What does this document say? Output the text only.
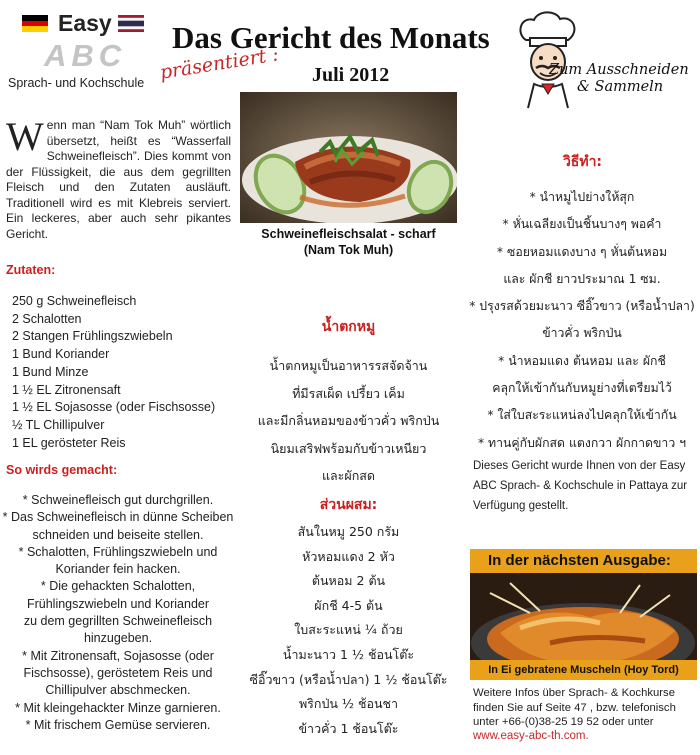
Easy
ABC
Sprach- und Kochschule
Das Gericht des Monats
präsentiert : Juli 2012	Zum Ausschneiden
& Sammeln
W enn man “Nam Tok Muh” wörtlich übersetzt, heißt es “Wasserfall Schweinefleisch”. Dies kommt von der Flüssigkeit, die aus dem gegrillten Fleisch und den Zutaten ausläuft. Traditionell wird es mit Klebreis serviert. Ein leckeres, aber auch sehr pikantes Gericht.
Zutaten:
250 g Schweinefleisch
2 Schalotten
2 Stangen Frühlingszwiebeln
1 Bund Koriander
1 Bund Minze
1 ½ EL Zitronensaft
1 ½ EL Sojasosse (oder Fischsosse)
½ TL Chillipulver
1 EL gerösteter Reis
So wirds gemacht:
* Schweinefleisch gut durchgrillen.
* Das Schweinefleisch in dünne Scheiben
schneiden und beiseite stellen.
* Schalotten, Frühlingszwiebeln und
Koriander fein hacken.
* Die gehackten Schalotten,
Frühlingszwiebeln und Koriander
zu dem gegrillten Schweinefleisch
hinzugeben.
* Mit Zitronensaft, Sojasosse (oder
Fischsosse), geröstetem Reis und
Chillipulver abschmecken.
* Mit kleingehackter Minze garnieren.
* Mit frischem Gemüse servieren.
Schweinefleischsalat - scharf
(Nam Tok Muh)
น้ำตกหมู
น้ำตกหมูเป็นอาหารรสจัดจ้าน
ที่มีรสเผ็ด เปรี้ยว เค็ม
และมีกลิ่นหอมของข้าวคั่ว พริกป่น
นิยมเสริฟพร้อมกับข้าวเหนียว
และผักสด
ส่วนผสม:
สันในหมู 250 กรัม
หัวหอมแดง 2 หัว
ต้นหอม 2 ต้น
ผักชี 4-5 ต้น
ใบสะระแหน่ ¼ ถ้วย
น้ำมะนาว 1 ½ ช้อนโต๊ะ
ซีอิ๊วขาว (หรือน้ำปลา) 1 ½ ช้อนโต๊ะ
พริกป่น ½ ช้อนชา
ข้าวคั่ว 1 ช้อนโต๊ะ
วิธีทำ:
* นำหมูไปย่างให้สุก
* หั่นเฉลียงเป็นชิ้นบางๆ พอคำ
* ซอยหอมแดงบาง ๆ หั่นต้นหอม
และ ผักชี ยาวประมาณ 1 ซม.
* ปรุงรสด้วยมะนาว ซีอิ๊วขาว (หรือน้ำปลา)
ข้าวคั่ว พริกป่น
* นำหอมแดง ต้นหอม และ ผักชี
คลุกให้เข้ากันกับหมูย่างที่เตรียมไว้
* ใส่ใบสะระแหน่ลงไปคลุกให้เข้ากัน
* ทานคู่กับผักสด แตงกวา ผักกาดขาว ฯ
Dieses Gericht wurde Ihnen von der Easy ABC Sprach- & Kochschule in Pattaya zur Verfügung gestellt.
In der nächsten Ausgabe:
In Ei gebratene Muscheln (Hoy Tord)
Weitere Infos über Sprach- & Kochkurse finden Sie auf Seite 47 , bzw. telefonisch unter +66-(0)38-25 19 52 oder unter
www.easy-abc-th.com.
